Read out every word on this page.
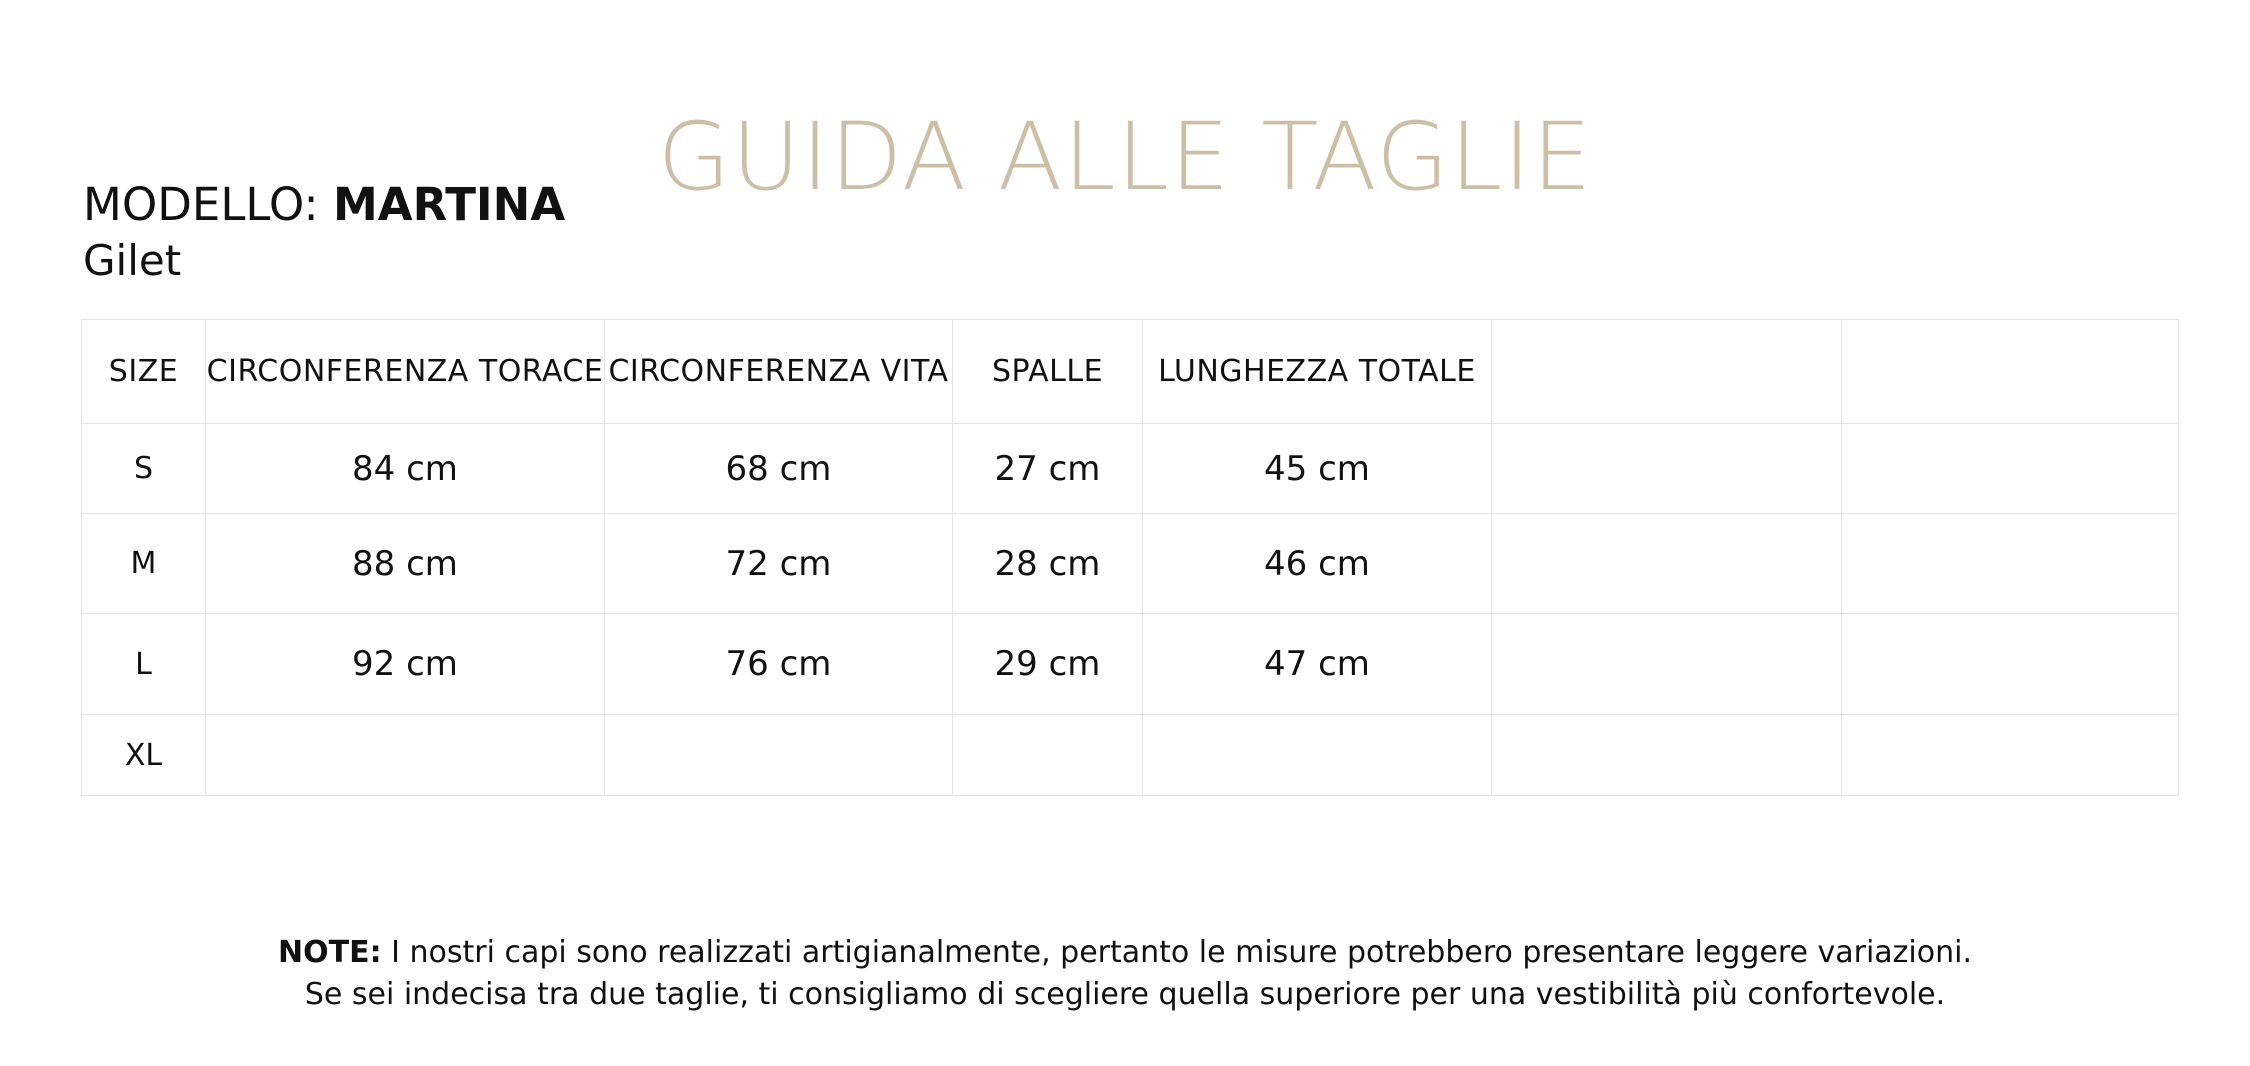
GUIDA ALLE TAGLIE
MODELLO: MARTINA
Gilet
SIZE	CIRCONFERENZA TORACE	CIRCONFERENZA VITA	SPALLE	LUNGHEZZA TOTALE		
S	84 cm	68 cm	27 cm	45 cm		
M	88 cm	72 cm	28 cm	46 cm		
L	92 cm	76 cm	29 cm	47 cm		
XL						
NOTE: I nostri capi sono realizzati artigianalmente, pertanto le misure potrebbero presentare leggere variazioni.
Se sei indecisa tra due taglie, ti consigliamo di scegliere quella superiore per una vestibilità più confortevole.
